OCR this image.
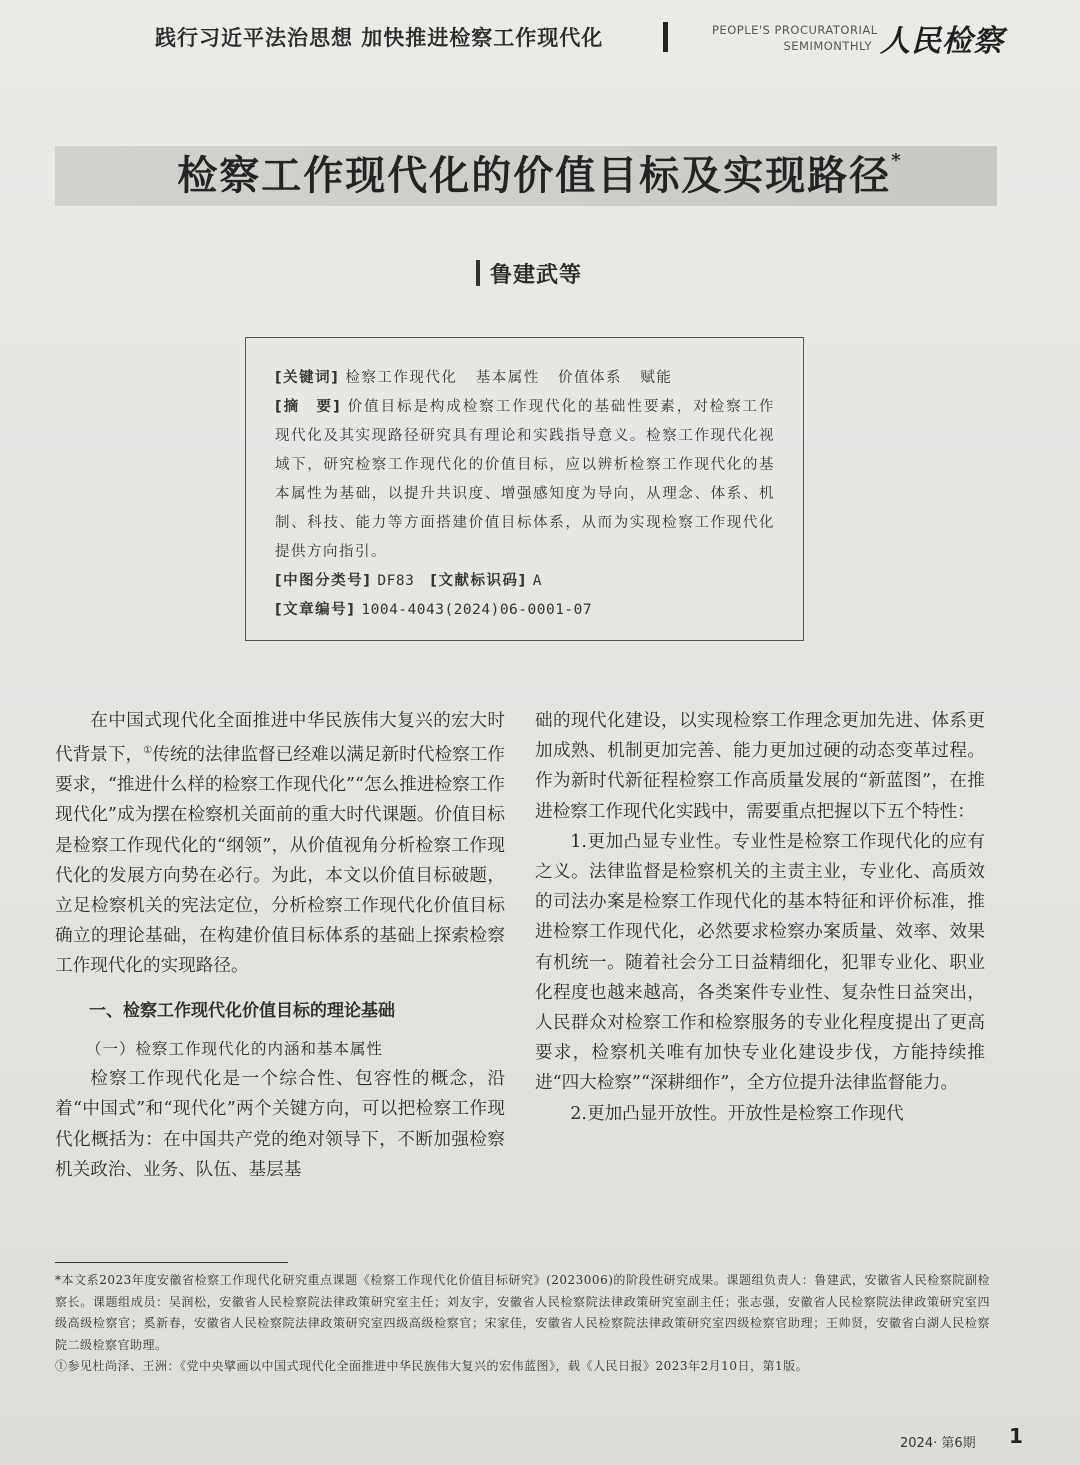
践行习近平法治思想 加快推进检察工作现代化	PEOPLE'S PROCURATORIAL
SEMIMONTHLY 人民检察
检察工作现代化的价值目标及实现路径*
鲁建武等
[关键词] 检察工作现代化   基本属性   价值体系   赋能
[摘　要] 价值目标是构成检察工作现代化的基础性要素，对检察工作现代化及其实现路径研究具有理论和实践指导意义。检察工作现代化视域下，研究检察工作现代化的价值目标，应以辨析检察工作现代化的基本属性为基础，以提升共识度、增强感知度为导向，从理念、体系、机制、科技、能力等方面搭建价值目标体系，从而为实现检察工作现代化提供方向指引。
[中图分类号] DF83 [文献标识码] A
[文章编号] 1004-4043(2024)06-0001-07

在中国式现代化全面推进中华民族伟大复兴的宏大时代背景下，①传统的法律监督已经难以满足新时代检察工作要求，“推进什么样的检察工作现代化”“怎么推进检察工作现代化”成为摆在检察机关面前的重大时代课题。价值目标是检察工作现代化的“纲领”，从价值视角分析检察工作现代化的发展方向势在必行。为此，本文以价值目标破题，立足检察机关的宪法定位，分析检察工作现代化价值目标确立的理论基础，在构建价值目标体系的基础上探索检察工作现代化的实现路径。

一、检察工作现代化价值目标的理论基础

（一）检察工作现代化的内涵和基本属性

检察工作现代化是一个综合性、包容性的概念，沿着“中国式”和“现代化”两个关键方向，可以把检察工作现代化概括为：在中国共产党的绝对领导下，不断加强检察机关政治、业务、队伍、基层基

础的现代化建设，以实现检察工作理念更加先进、体系更加成熟、机制更加完善、能力更加过硬的动态变革过程。作为新时代新征程检察工作高质量发展的“新蓝图”，在推进检察工作现代化实践中，需要重点把握以下五个特性：

1.更加凸显专业性。专业性是检察工作现代化的应有之义。法律监督是检察机关的主责主业，专业化、高质效的司法办案是检察工作现代化的基本特征和评价标准，推进检察工作现代化，必然要求检察办案质量、效率、效果有机统一。随着社会分工日益精细化，犯罪专业化、职业化程度也越来越高，各类案件专业性、复杂性日益突出，人民群众对检察工作和检察服务的专业化程度提出了更高要求，检察机关唯有加快专业化建设步伐，方能持续推进“四大检察”“深耕细作”，全方位提升法律监督能力。

2.更加凸显开放性。开放性是检察工作现代

*本文系2023年度安徽省检察工作现代化研究重点课题《检察工作现代化价值目标研究》(2023006)的阶段性研究成果。课题组负责人：鲁建武，安徽省人民检察院副检察长。课题组成员：吴润松，安徽省人民检察院法律政策研究室主任；刘友宇，安徽省人民检察院法律政策研究室副主任；张志强，安徽省人民检察院法律政策研究室四级高级检察官；奚新春，安徽省人民检察院法律政策研究室四级高级检察官；宋家佳，安徽省人民检察院法律政策研究室四级检察官助理；王帅贤，安徽省白湖人民检察院二级检察官助理。

①参见杜尚泽、王洲：《党中央擘画以中国式现代化全面推进中华民族伟大复兴的宏伟蓝图》，载《人民日报》2023年2月10日，第1版。

2024· 第6期 1
